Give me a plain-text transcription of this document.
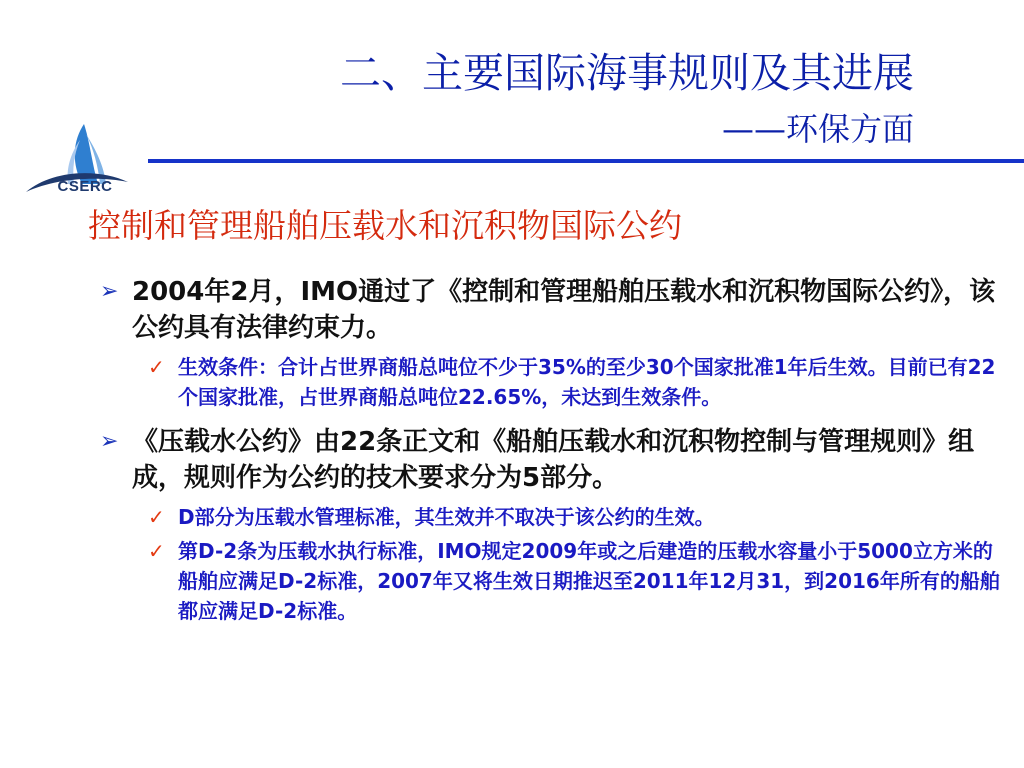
CSERC
二、主要国际海事规则及其进展
——环保方面
控制和管理船舶压载水和沉积物国际公约
➢ 2004年2月，IMO通过了《控制和管理船舶压载水和沉积物国际公约》，该公约具有法律约束力。
✓ 生效条件：合计占世界商船总吨位不少于35%的至少30个国家批准1年后生效。目前已有22个国家批准，占世界商船总吨位22.65%，未达到生效条件。
➢ 《压载水公约》由22条正文和《船舶压载水和沉积物控制与管理规则》组成，规则作为公约的技术要求分为5部分。
✓ D部分为压载水管理标准，其生效并不取决于该公约的生效。
✓ 第D-2条为压载水执行标准，IMO规定2009年或之后建造的压载水容量小于5000立方米的船舶应满足D-2标准，2007年又将生效日期推迟至2011年12月31，到2016年所有的船舶都应满足D-2标准。
